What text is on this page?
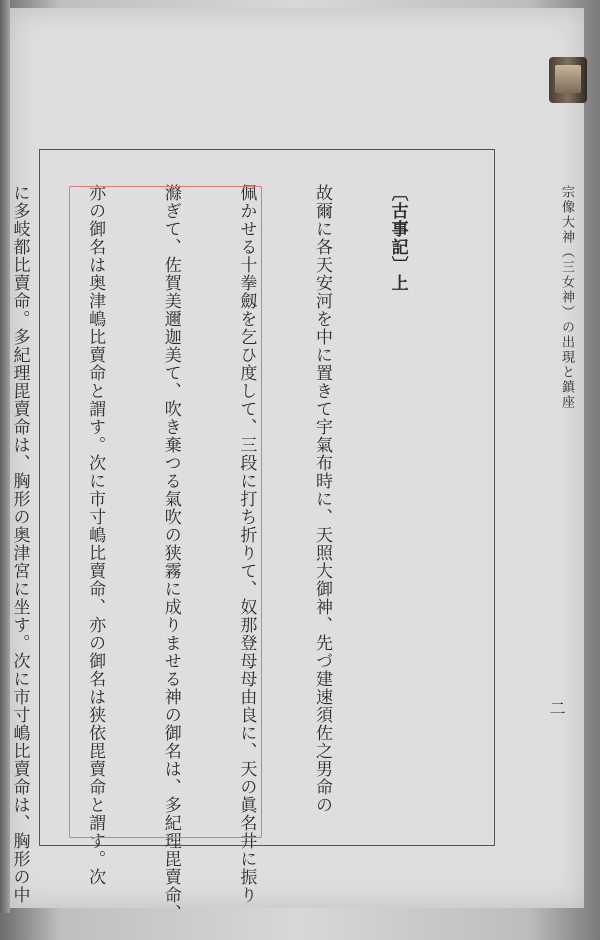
宗像大神（三女神）の出現と鎮座
二

〔古事記〕上

故爾に各天安河を中に置きて宇氣布時に、天照大御神、先づ建速須佐之男命の

佩かせる十拳劔を乞ひ度して、三段に打ち折りて、奴那登母母由良に、天の眞名井に振り

滌ぎて、佐賀美邇迦美て、吹き棄つる氣吹の狭霧に成りませる神の御名は、多紀理毘賣命、

亦の御名は奥津嶋比賣命と謂す。次に市寸嶋比賣命、亦の御名は狭依毘賣命と謂す。次

に多岐都比賣命。多紀理毘賣命は、胸形の奥津宮に坐す。次に市寸嶋比賣命は、胸形の中
